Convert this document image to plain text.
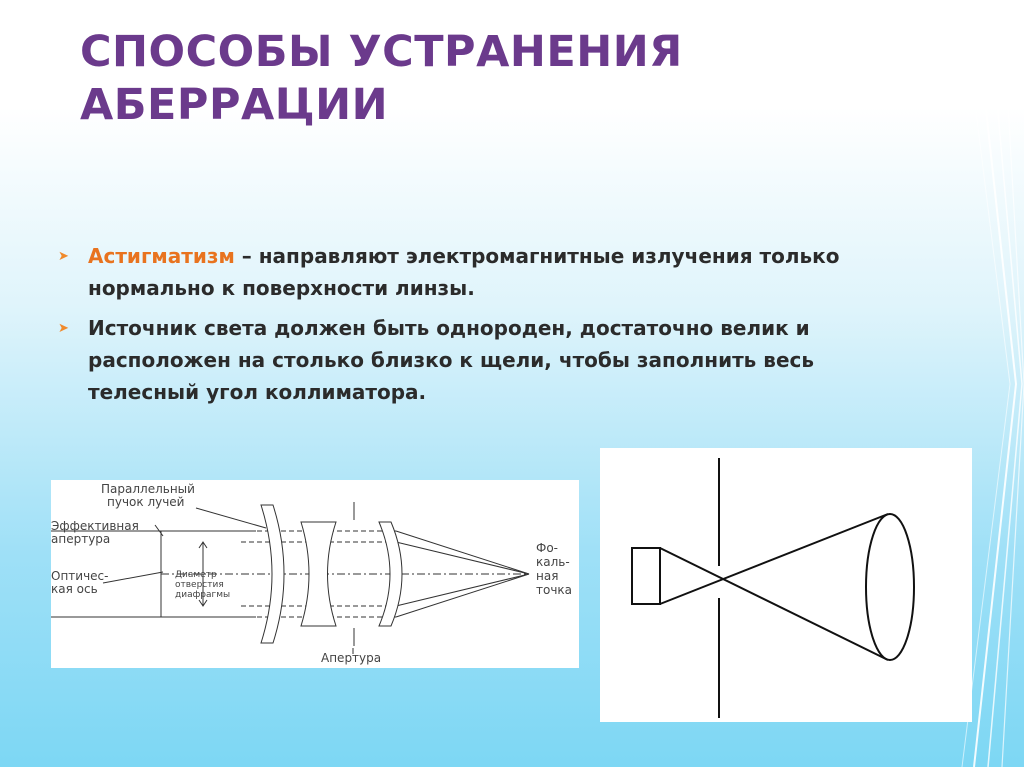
СПОСОБЫ УСТРАНЕНИЯ
АБЕРРАЦИИ
➤ Астигматизм – направляют электромагнитные излучения только нормально к поверхности линзы.
➤ Источник света должен быть однороден, достаточно велик и расположен на столько близко к щели, чтобы заполнить весь телесный угол коллиматора.
Параллельный
пучок лучей
Эффективная
апертура
Оптичес-
кая ось
Апертура
Фо-
каль-
ная
точка
Диаметр
отверстия
диафрагмы
